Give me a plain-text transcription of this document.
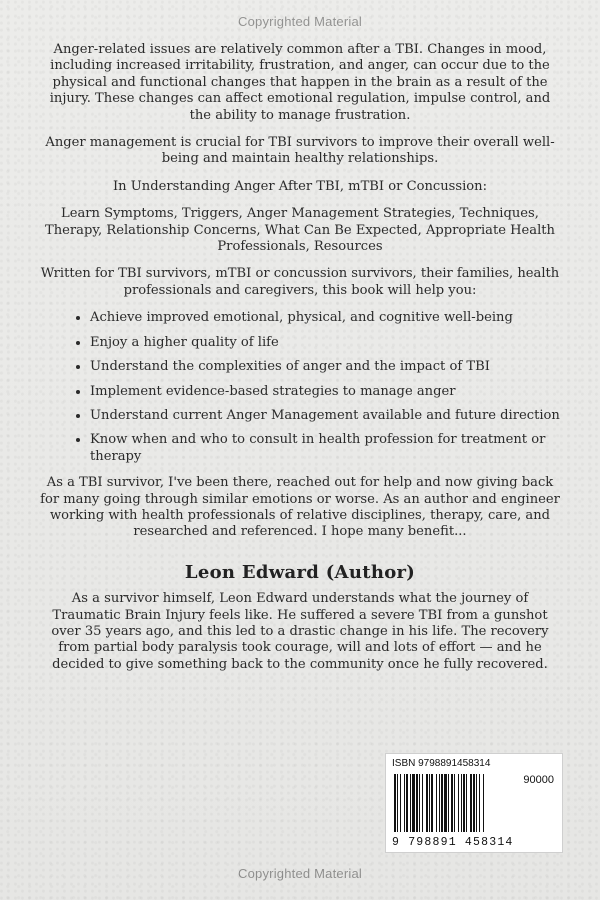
Copyrighted Material

Anger-related issues are relatively common after a TBI. Changes in mood, including increased irritability, frustration, and anger, can occur due to the physical and functional changes that happen in the brain as a result of the injury. These changes can affect emotional regulation, impulse control, and the ability to manage frustration.

Anger management is crucial for TBI survivors to improve their overall well-being and maintain healthy relationships.

In Understanding Anger After TBI, mTBI or Concussion:

Learn Symptoms, Triggers, Anger Management Strategies, Techniques, Therapy, Relationship Concerns, What Can Be Expected, Appropriate Health Professionals, Resources

Written for TBI survivors, mTBI or concussion survivors, their families, health professionals and caregivers, this book will help you:

Achieve improved emotional, physical, and cognitive well-being
Enjoy a higher quality of life
Understand the complexities of anger and the impact of TBI
Implement evidence-based strategies to manage anger
Understand current Anger Management available and future direction
Know when and who to consult in health profession for treatment or therapy

As a TBI survivor, I've been there, reached out for help and now giving back for many going through similar emotions or worse. As an author and engineer working with health professionals of relative disciplines, therapy, care, and researched and referenced. I hope many benefit...

Leon Edward (Author)

As a survivor himself, Leon Edward understands what the journey of Traumatic Brain Injury feels like. He suffered a severe TBI from a gunshot over 35 years ago, and this led to a drastic change in his life. The recovery from partial body paralysis took courage, will and lots of effort — and he decided to give something back to the community once he fully recovered.

ISBN 9798891458314
90000
9 798891 458314
Copyrighted Material
